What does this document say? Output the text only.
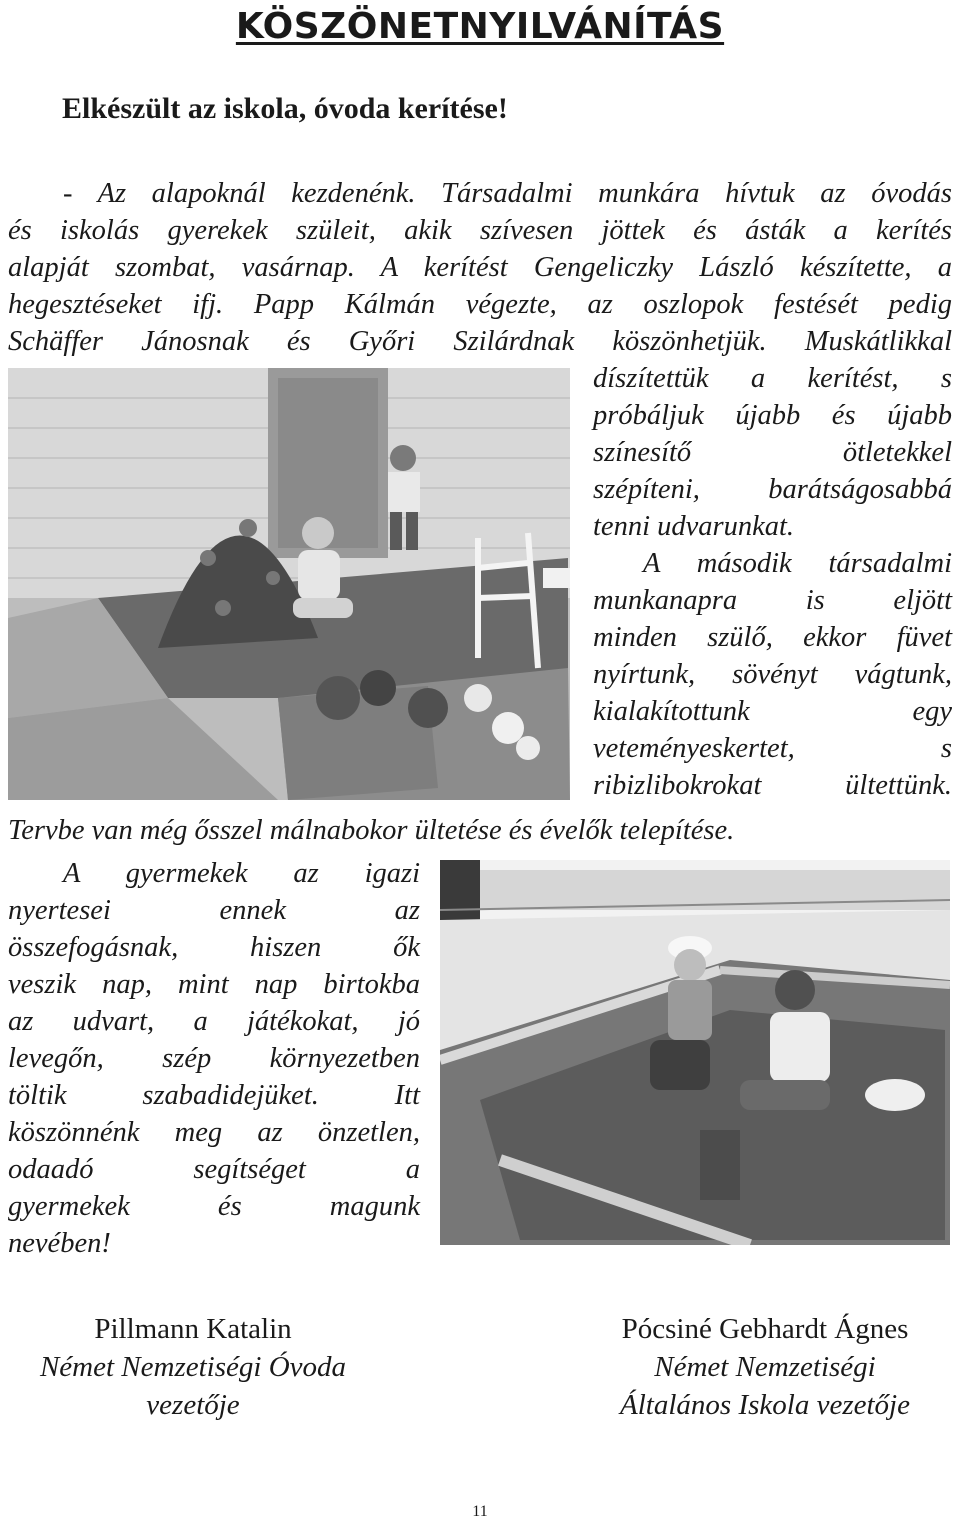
KÖSZÖNETNYILVÁNÍTÁS
Elkészült az iskola, óvoda kerítése!
- Az alapoknál kezdenénk. Társadalmi munkára hívtuk az óvodás
és iskolás gyerekek szüleit, akik szívesen jöttek és ásták a kerítés
alapját szombat, vasárnap. A kerítést Gengeliczky László készítette, a
hegesztéseket ifj. Papp Kálmán végezte, az oszlopok festését pedig
Schäffer Jánosnak és Győri Szilárdnak köszönhetjük. Muskátlikkal
díszítettük a kerítést, s
próbáljuk újabb és újabb
színesítő ötletekkel
szépíteni, barátságosabbá
tenni udvarunkat.
A második társadalmi
munkanapra is eljött
minden szülő, ekkor füvet
nyírtunk, sövényt vágtunk,
kialakítottunk egy
veteményeskertet, s
ribizlibokrokat ültettünk.
Tervbe van még ősszel málnabokor ültetése és évelők telepítése.
A gyermekek az igazi
nyertesei ennek az
összefogásnak, hiszen ők
veszik nap, mint nap birtokba
az udvart, a játékokat, jó
levegőn, szép környezetben
töltik szabadidejüket. Itt
köszönnénk meg az önzetlen,
odaadó segítséget a
gyermekek és magunk
nevében!
Pillmann Katalin
Német Nemzetiségi Óvoda
vezetője
Pócsiné Gebhardt Ágnes
Német Nemzetiségi
Általános Iskola vezetője
11
